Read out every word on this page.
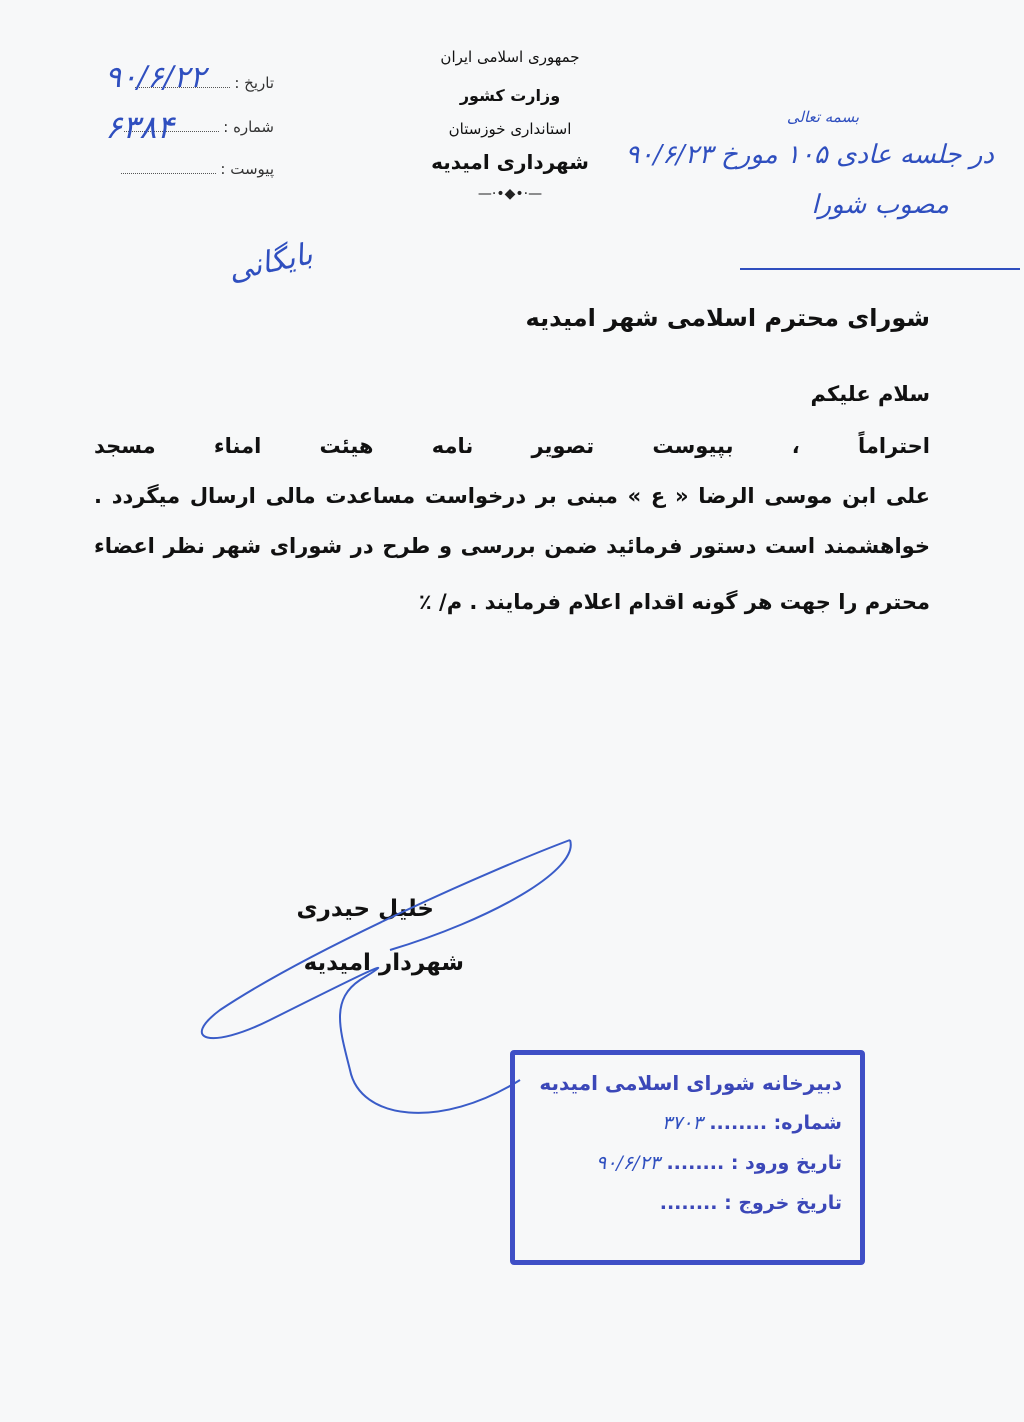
جمهوری اسلامی ایران
وزارت کشور
استانداری خوزستان
شهرداری امیدیه
—·•◆•·—
تاریخ :
۹۰/۶/۲۲
شماره :
۶۳۸۴
پیوست :
بسمه تعالی
در جلسه عادی ۱۰۵ مورخ ۹۰/۶/۲۳
مصوب شورا
بایگانی
شورای محترم اسلامی شهر امیدیه
سلام علیکم
احتراماً ، بپیوست تصویر نامه هیئت امناء مسجد
علی ابن موسی الرضا « ع » مبنی بر درخواست مساعدت مالی ارسال میگردد .
خواهشمند است دستور فرمائید ضمن بررسی و طرح در شورای شهر نظر اعضاء
محترم را جهت هر گونه اقدام اعلام فرمایند . م/ ٪
خلیل حیدری
شهردار امیدیه
دبیرخانه شورای اسلامی امیدیه
شماره: ........ ۳۷۰۳
تاریخ ورود : ........ ۹۰/۶/۲۳
تاریخ خروج : ........
